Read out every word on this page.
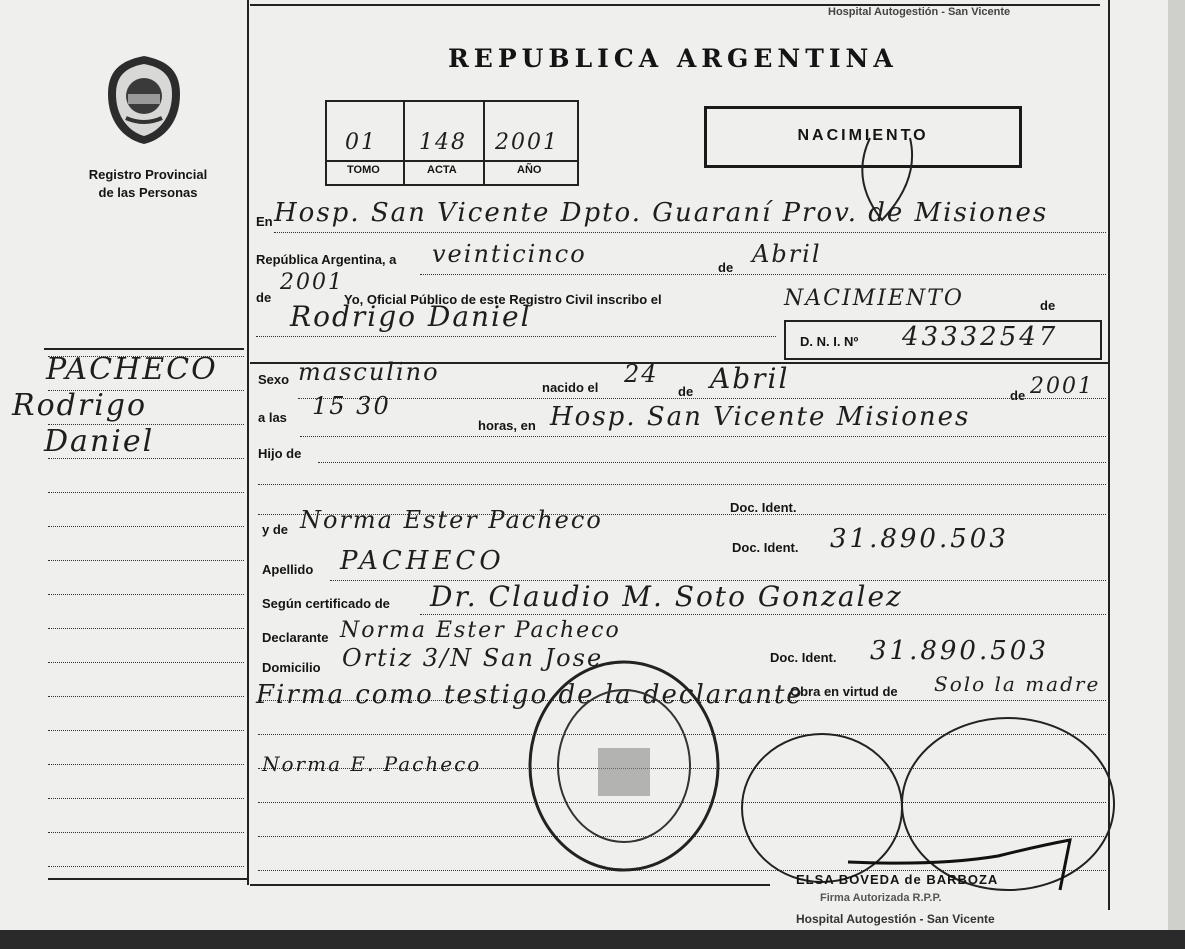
Hospital Autogestión - San Vicente
Registro Provincial
de las Personas
PACHECO
Rodrigo
Daniel
REPUBLICA ARGENTINA
01 148 2001
TOMO	ACTA	AÑO
NACIMIENTO
En Hosp. San Vicente Dpto. Guaraní Prov. de Misiones
República Argentina, a veinticinco	de Abril
de
2001
Yo, Oficial Público de este Registro Civil inscribo el	NACIMIENTO	de
Rodrigo Daniel
D. N. I. Nº 43332547
Sexo masculino
nacido el 24
de Abril
de 2001
a las 15 30
horas, en Hosp. San Vicente Misiones
Hijo de
Doc. Ident.
y de Norma Ester Pacheco
Doc. Ident. 31.890.503
Apellido PACHECO
Según certificado de Dr. Claudio M. Soto Gonzalez
Declarante Norma Ester Pacheco
Doc. Ident. 31.890.503
Domicilio Ortiz 3/N San Jose
Obra en virtud de Solo la madre
Firma como testigo de la declarante
Norma E. Pacheco
ELSA BOVEDA de BARBOZA
Firma Autorizada R.P.P.
Hospital Autogestión - San Vicente
